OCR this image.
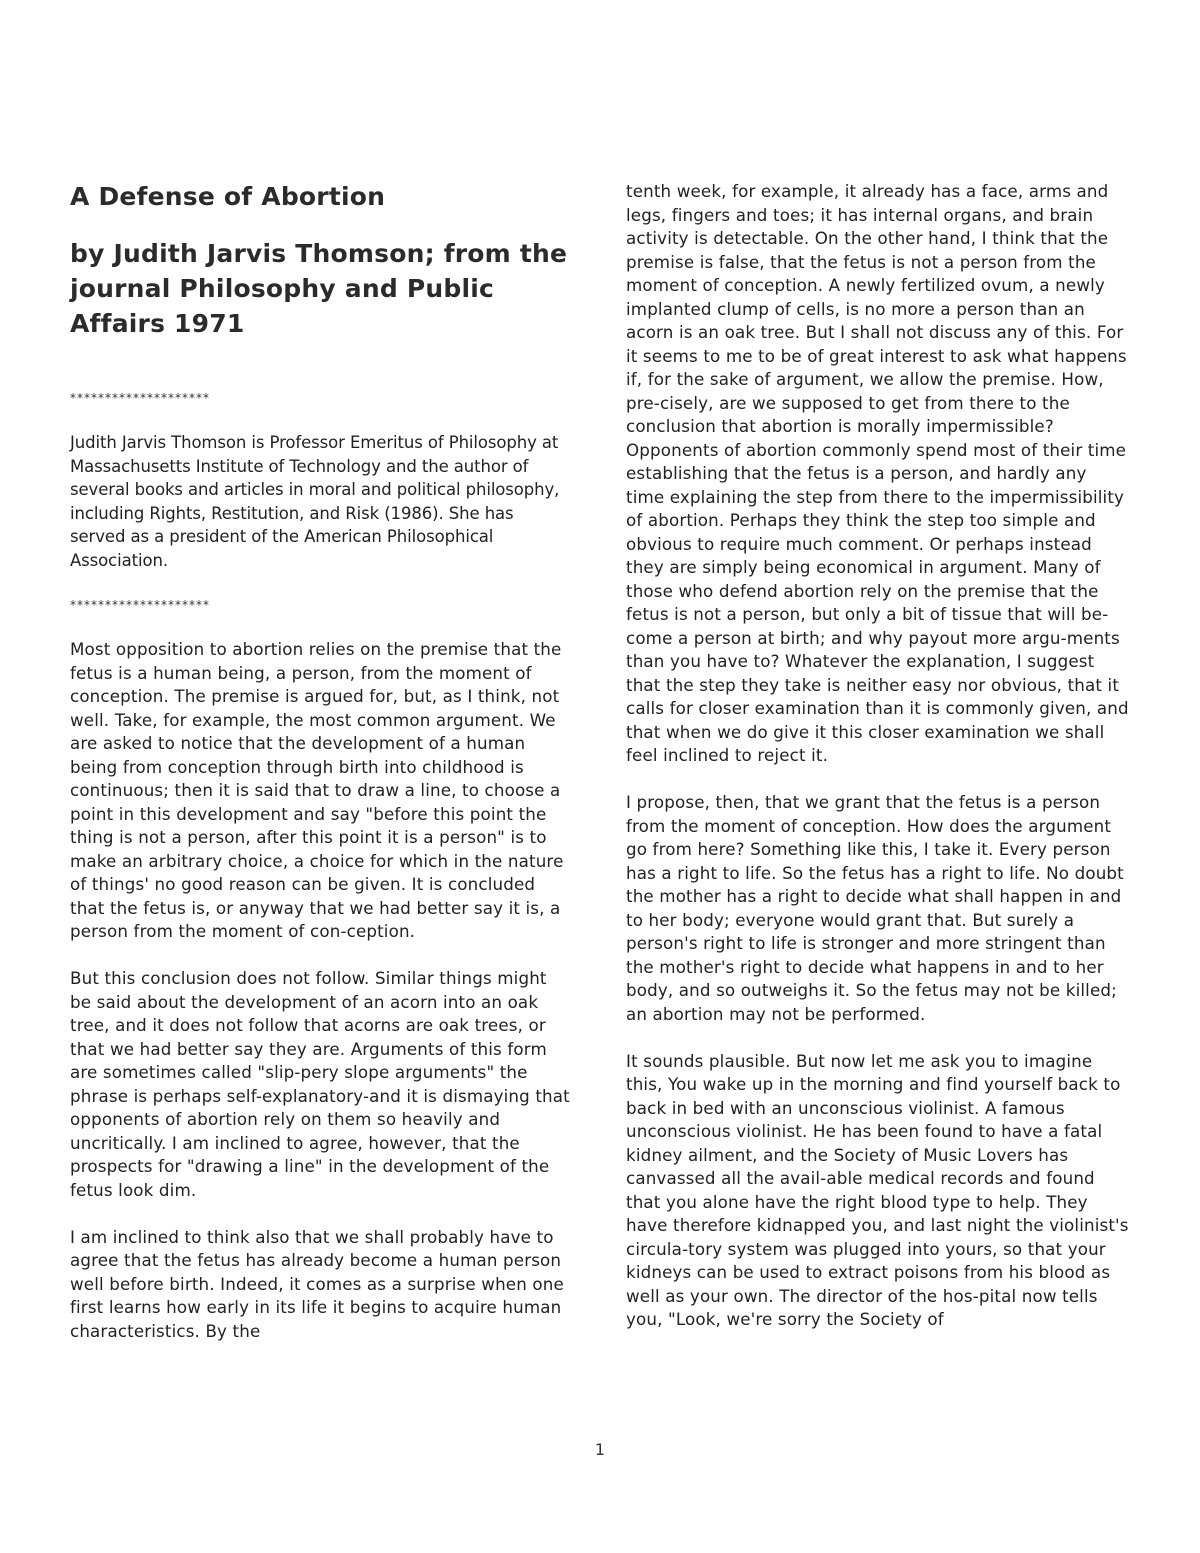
A Defense of Abortion
by Judith Jarvis Thomson; from the journal Philosophy and Public Affairs 1971
********************

Judith Jarvis Thomson is Professor Emeritus of Philosophy at Massachusetts Institute of Technology and the author of several books and articles in moral and political philosophy, including Rights, Restitution, and Risk (1986). She has served as a president of the American Philosophical Association.

********************

Most opposition to abortion relies on the premise that the fetus is a human being, a person, from the moment of conception. The premise is argued for, but, as I think, not well. Take, for example, the most common argument. We are asked to notice that the development of a human being from conception through birth into childhood is continuous; then it is said that to draw a line, to choose a point in this development and say "before this point the thing is not a person, after this point it is a person" is to make an arbitrary choice, a choice for which in the nature of things' no good reason can be given. It is concluded that the fetus is, or anyway that we had better say it is, a person from the moment of con-ception.

But this conclusion does not follow. Similar things might be said about the development of an acorn into an oak tree, and it does not follow that acorns are oak trees, or that we had better say they are. Arguments of this form are sometimes called "slip-pery slope arguments" the phrase is perhaps self-explanatory-and it is dismaying that opponents of abortion rely on them so heavily and uncritically. I am inclined to agree, however, that the prospects for "drawing a line" in the development of the fetus look dim.

I am inclined to think also that we shall probably have to agree that the fetus has already become a human person well before birth. Indeed, it comes as a surprise when one first learns how early in its life it begins to acquire human characteristics. By the

tenth week, for example, it already has a face, arms and legs, fingers and toes; it has internal organs, and brain activity is detectable. On the other hand, I think that the premise is false, that the fetus is not a person from the moment of conception. A newly fertilized ovum, a newly implanted clump of cells, is no more a person than an acorn is an oak tree. But I shall not discuss any of this. For it seems to me to be of great interest to ask what happens if, for the sake of argument, we allow the premise. How, pre-cisely, are we supposed to get from there to the conclusion that abortion is morally impermissible? Opponents of abortion commonly spend most of their time establishing that the fetus is a person, and hardly any time explaining the step from there to the impermissibility of abortion. Perhaps they think the step too simple and obvious to require much comment. Or perhaps instead they are simply being economical in argument. Many of those who defend abortion rely on the premise that the fetus is not a person, but only a bit of tissue that will be-come a person at birth; and why payout more argu-ments than you have to? Whatever the explanation, I suggest that the step they take is neither easy nor obvious, that it calls for closer examination than it is commonly given, and that when we do give it this closer examination we shall feel inclined to reject it.

I propose, then, that we grant that the fetus is a person from the moment of conception. How does the argument go from here? Something like this, I take it. Every person has a right to life. So the fetus has a right to life. No doubt the mother has a right to decide what shall happen in and to her body; everyone would grant that. But surely a person's right to life is stronger and more stringent than the mother's right to decide what happens in and to her body, and so outweighs it. So the fetus may not be killed; an abortion may not be performed.

It sounds plausible. But now let me ask you to imagine this, You wake up in the morning and find yourself back to back in bed with an unconscious violinist. A famous unconscious violinist. He has been found to have a fatal kidney ailment, and the Society of Music Lovers has canvassed all the avail-able medical records and found that you alone have the right blood type to help. They have therefore kidnapped you, and last night the violinist's circula-tory system was plugged into yours, so that your kidneys can be used to extract poisons from his blood as well as your own. The director of the hos-pital now tells you, "Look, we're sorry the Society of

1
